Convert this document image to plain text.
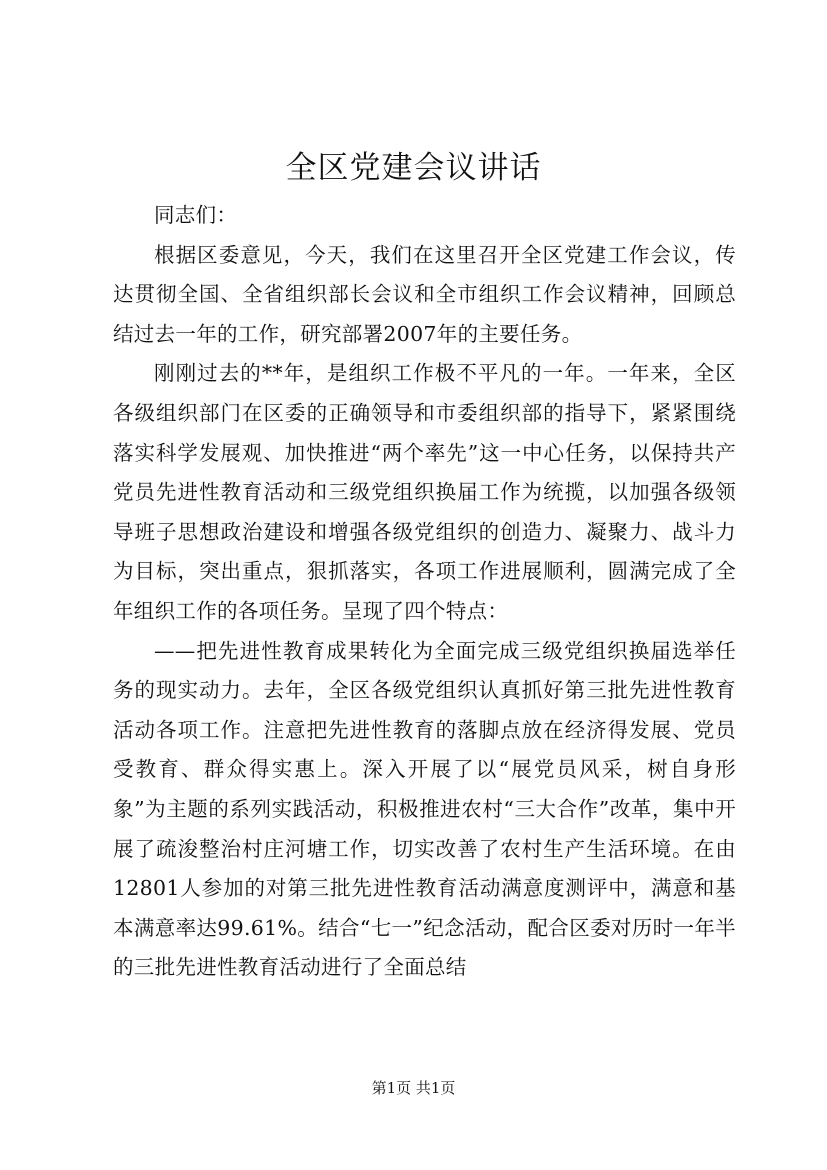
全区党建会议讲话

同志们：

根据区委意见，今天，我们在这里召开全区党建工作会议，传达贯彻全国、全省组织部长会议和全市组织工作会议精神，回顾总结过去一年的工作，研究部署2007年的主要任务。

刚刚过去的**年，是组织工作极不平凡的一年。一年来，全区各级组织部门在区委的正确领导和市委组织部的指导下，紧紧围绕落实科学发展观、加快推进“两个率先”这一中心任务，以保持共产党员先进性教育活动和三级党组织换届工作为统揽，以加强各级领导班子思想政治建设和增强各级党组织的创造力、凝聚力、战斗力为目标，突出重点，狠抓落实，各项工作进展顺利，圆满完成了全年组织工作的各项任务。呈现了四个特点：

——把先进性教育成果转化为全面完成三级党组织换届选举任务的现实动力。去年，全区各级党组织认真抓好第三批先进性教育活动各项工作。注意把先进性教育的落脚点放在经济得发展、党员受教育、群众得实惠上。深入开展了以“展党员风采，树自身形象”为主题的系列实践活动，积极推进农村“三大合作”改革，集中开展了疏浚整治村庄河塘工作，切实改善了农村生产生活环境。在由12801人参加的对第三批先进性教育活动满意度测评中，满意和基本满意率达99.61%。结合“七一”纪念活动，配合区委对历时一年半的三批先进性教育活动进行了全面总结

第1页 共1页
